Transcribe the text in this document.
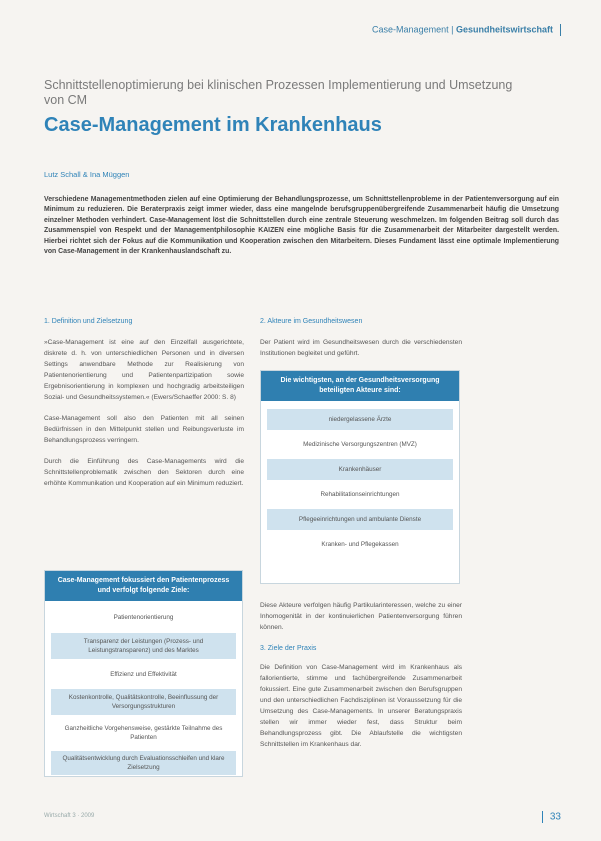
Case-Management | Gesundheitswirtschaft
Schnittstellenoptimierung bei klinischen Prozessen Implementierung und Umsetzung von CM
Case-Management im Krankenhaus
Lutz Schall & Ina Müggen
Verschiedene Managementmethoden zielen auf eine Optimierung der Behandlungsprozesse, um Schnittstellenprobleme in der Patientenversorgung auf ein Minimum zu reduzieren. Die Beraterpraxis zeigt immer wieder, dass eine mangelnde berufsgruppenübergreifende Zusammenarbeit häufig die Umsetzung einzelner Methoden verhindert. Case-Management löst die Schnittstellen durch eine zentrale Steuerung weschmelzen. Im folgenden Beitrag soll durch das Zusammenspiel von Respekt und der Managementphilosophie KAIZEN eine mögliche Basis für die Zusammenarbeit der Mitarbeiter dargestellt werden. Hierbei richtet sich der Fokus auf die Kommunikation und Kooperation zwischen den Mitarbeitern. Dieses Fundament lässt eine optimale Implementierung von Case-Management in der Krankenhauslandschaft zu.
1. Definition und Zielsetzung

»Case-Management ist eine auf den Einzelfall ausgerichtete, diskrete d. h. von unterschiedlichen Personen und in diversen Settings anwendbare Methode zur Realisierung von Patientenorientierung und Patientenpartizipation sowie Ergebnisorientierung in komplexen und hochgradig arbeitsteiligen Sozial- und Gesundheitssystemen.« (Ewers/Schaeffer 2000: S. 8)

Case-Management soll also den Patienten mit all seinen Bedürfnissen in den Mittelpunkt stellen und Reibungsverluste im Behandlungsprozess verringern.

Durch die Einführung des Case-Managements wird die Schnittstellenproblematik zwischen den Sektoren durch eine erhöhte Kommunikation und Kooperation auf ein Minimum reduziert.

Case-Management fokussiert den Patientenprozess und verfolgt folgende Ziele:
Patientenorientierung
Transparenz der Leistungen (Prozess- und Leistungstransparenz) und des Marktes
Effizienz und Effektivität
Kostenkontrolle, Qualitätskontrolle, Beeinflussung der Versorgungsstrukturen
Ganzheitliche Vorgehensweise, gestärkte Teilnahme des Patienten
Qualitätsentwicklung durch Evaluationsschleifen und klare Zielsetzung
2. Akteure im Gesundheitswesen

Der Patient wird im Gesundheitswesen durch die verschiedensten Institutionen begleitet und geführt.

Die wichtigsten, an der Gesundheitsversorgung beteiligten Akteure sind:
niedergelassene Ärzte
Medizinische Versorgungszentren (MVZ)
Krankenhäuser
Rehabilitationseinrichtungen
Pflegeeinrichtungen und ambulante Dienste
Kranken- und Pflegekassen

Diese Akteure verfolgen häufig Partikularinteressen, welche zu einer Inhomogenität in der kontinuierlichen Patientenversorgung führen können.

3. Ziele der Praxis

Die Definition von Case-Management wird im Krankenhaus als fallorientierte, stimme und fachübergreifende Zusammenarbeit fokussiert. Eine gute Zusammenarbeit zwischen den Berufsgruppen und den unterschiedlichen Fachdisziplinen ist Voraussetzung für die Umsetzung des Case-Managements. In unserer Beratungspraxis stellen wir immer wieder fest, dass Struktur beim Behandlungsprozess gibt. Die Ablaufstelle die wichtigsten Schnittstellen im Krankenhaus dar.

Wirtschaft 3 · 2009	33
